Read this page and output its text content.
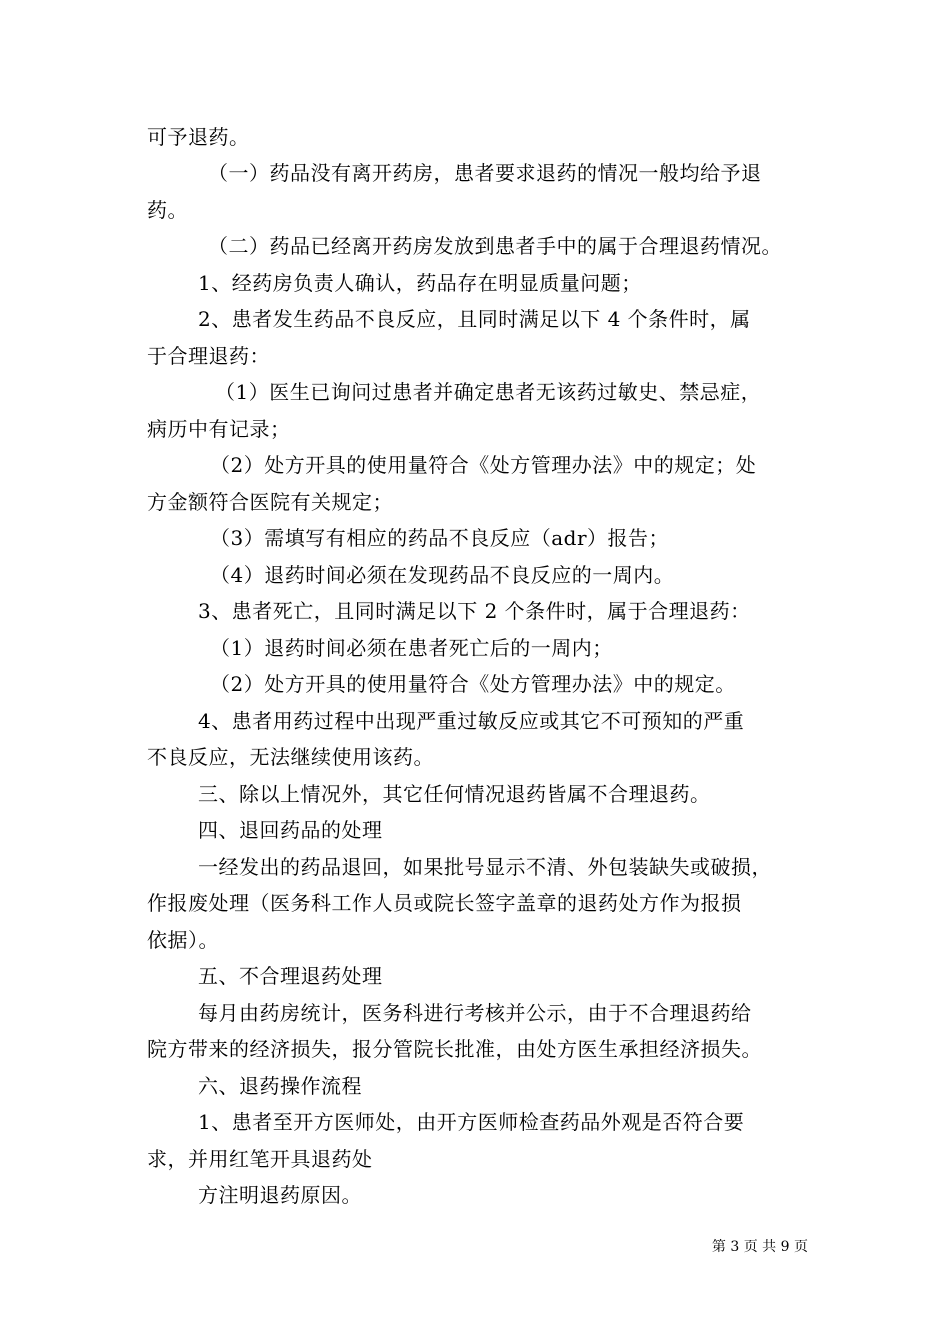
可予退药。
（一）药品没有离开药房，患者要求退药的情况一般均给予退
药。
（二）药品已经离开药房发放到患者手中的属于合理退药情况。
1、经药房负责人确认，药品存在明显质量问题；
2、患者发生药品不良反应，且同时满足以下 4 个条件时，属
于合理退药：
（1）医生已询问过患者并确定患者无该药过敏史、禁忌症，
病历中有记录；
（2）处方开具的使用量符合《处方管理办法》中的规定；处
方金额符合医院有关规定；
（3）需填写有相应的药品不良反应（adr）报告；
（4）退药时间必须在发现药品不良反应的一周内。
3、患者死亡，且同时满足以下 2 个条件时，属于合理退药：
（1）退药时间必须在患者死亡后的一周内；
（2）处方开具的使用量符合《处方管理办法》中的规定。
4、患者用药过程中出现严重过敏反应或其它不可预知的严重
不良反应，无法继续使用该药。
三、除以上情况外，其它任何情况退药皆属不合理退药。
四、退回药品的处理
一经发出的药品退回，如果批号显示不清、外包装缺失或破损，
作报废处理（医务科工作人员或院长签字盖章的退药处方作为报损
依据）。
五、不合理退药处理
每月由药房统计，医务科进行考核并公示，由于不合理退药给
院方带来的经济损失，报分管院长批准，由处方医生承担经济损失。
六、退药操作流程
1、患者至开方医师处，由开方医师检查药品外观是否符合要
求，并用红笔开具退药处
方注明退药原因。
第 3 页 共 9 页
